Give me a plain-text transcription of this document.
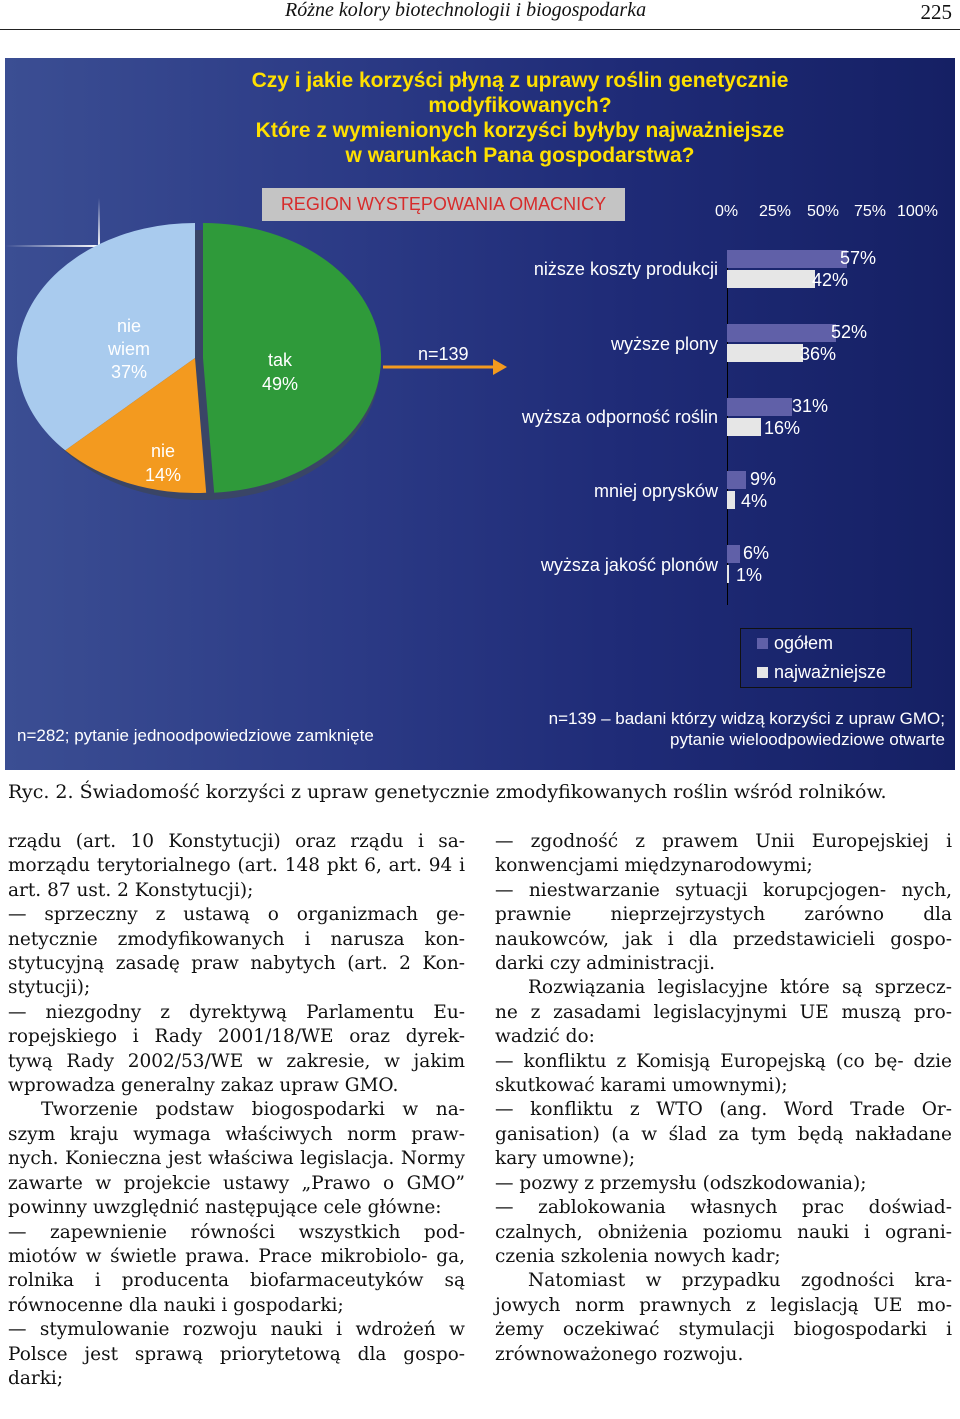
Różne kolory biotechnologii i biogospodarka	225
Czy i jakie korzyści płyną z uprawy roślin genetycznie
modyfikowanych?
Które z wymienionych korzyści byłyby najważniejsze
w warunkach Pana gospodarstwa?
REGION WYSTĘPOWANIA OMACNICY
tak
49%
nie
wiem
37%
nie
14%
n=139
0% 25% 50% 75% 100%
niższe koszty produkcji
wyższe plony
wyższa odporność roślin
mniej oprysków
wyższa jakość plonów
57%
42%
52%
36%
31%
16%
9%
4%
6%
1%
ogółem
najważniejsze
n=282; pytanie jednoodpowiedziowe zamknięte
n=139 – badani którzy widzą korzyści z upraw GMO;
pytanie wieloodpowiedziowe otwarte
Ryc. 2. Świadomość korzyści z upraw genetycznie zmodyfikowanych roślin wśród rolników.

rządu (art. 10 Konstytucji) oraz rządu i sa- morządu terytorialnego (art. 148 pkt 6, art. 94 i art. 87 ust. 2 Konstytucji);

— sprzeczny z ustawą o organizmach ge- netycznie zmodyfikowanych i narusza kon- stytucyjną zasadę praw nabytych (art. 2 Kon- stytucji);

— niezgodny z dyrektywą Parlamentu Eu- ropejskiego i Rady 2001/18/WE oraz dyrek- tywą Rady 2002/53/WE w zakresie, w jakim wprowadza generalny zakaz upraw GMO.

Tworzenie podstaw biogospodarki w na- szym kraju wymaga właściwych norm praw- nych. Konieczna jest właściwa legislacja. Normy zawarte w projekcie ustawy „Prawo o GMO” powinny uwzględnić następujące cele główne:

— zapewnienie równości wszystkich pod- miotów w świetle prawa. Prace mikrobiolo- ga, rolnika i producenta biofarmaceutyków są równocenne dla nauki i gospodarki;

— stymulowanie rozwoju nauki i wdrożeń w Polsce jest sprawą priorytetową dla gospo- darki;

— zgodność z prawem Unii Europejskiej i konwencjami międzynarodowymi;

— niestwarzanie sytuacji korupcjogen- nych, prawnie nieprzejrzystych zarówno dla naukowców, jak i dla przedstawicieli gospo- darki czy administracji.

Rozwiązania legislacyjne które są sprzecz- ne z zasadami legislacyjnymi UE muszą pro- wadzić do:

— konfliktu z Komisją Europejską (co bę- dzie skutkować karami umownymi);

— konfliktu z WTO (ang. Word Trade Or- ganisation) (a w ślad za tym będą nakładane kary umowne);

— pozwy z przemysłu (odszkodowania);

— zablokowania własnych prac doświad- czalnych, obniżenia poziomu nauki i ograni- czenia szkolenia nowych kadr;

Natomiast w przypadku zgodności kra- jowych norm prawnych z legislacją UE mo- żemy oczekiwać stymulacji biogospodarki i zrównoważonego rozwoju.
